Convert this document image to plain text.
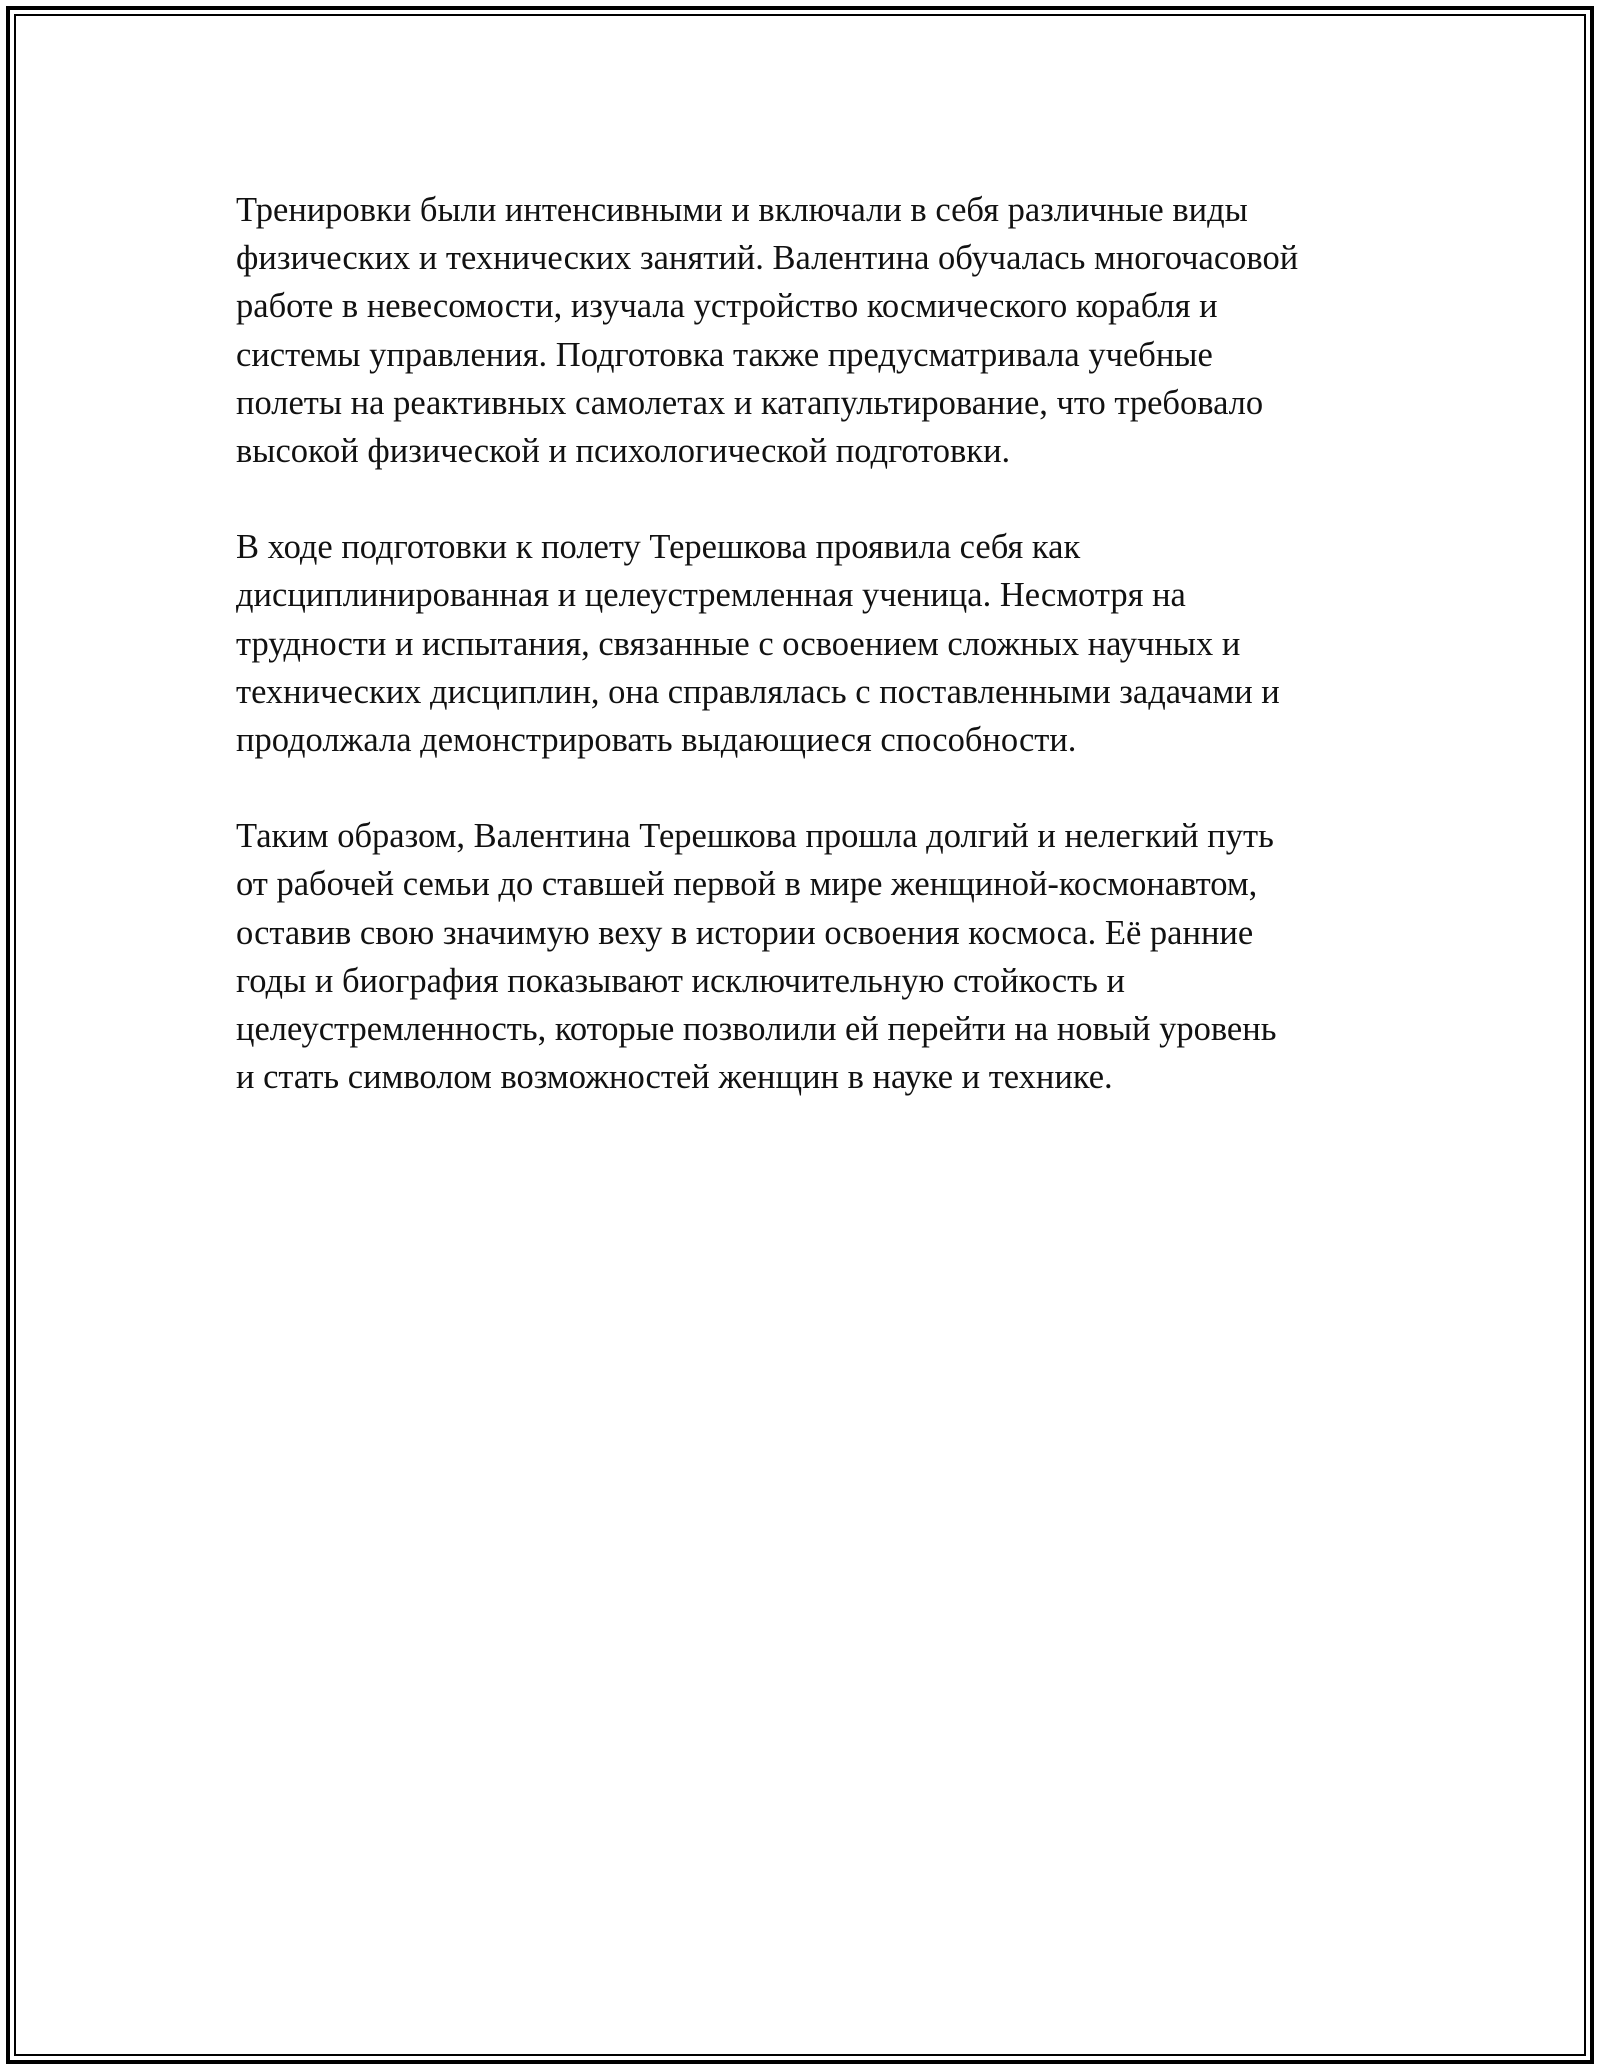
Тренировки были интенсивными и включали в себя различные виды
физических и технических занятий. Валентина обучалась многочасовой
работе в невесомости, изучала устройство космического корабля и
системы управления. Подготовка также предусматривала учебные
полеты на реактивных самолетах и катапультирование, что требовало
высокой физической и психологической подготовки.

В ходе подготовки к полету Терешкова проявила себя как
дисциплинированная и целеустремленная ученица. Несмотря на
трудности и испытания, связанные с освоением сложных научных и
технических дисциплин, она справлялась с поставленными задачами и
продолжала демонстрировать выдающиеся способности.

Таким образом, Валентина Терешкова прошла долгий и нелегкий путь
от рабочей семьи до ставшей первой в мире женщиной-космонавтом,
оставив свою значимую веху в истории освоения космоса. Её ранние
годы и биография показывают исключительную стойкость и
целеустремленность, которые позволили ей перейти на новый уровень
и стать символом возможностей женщин в науке и технике.
